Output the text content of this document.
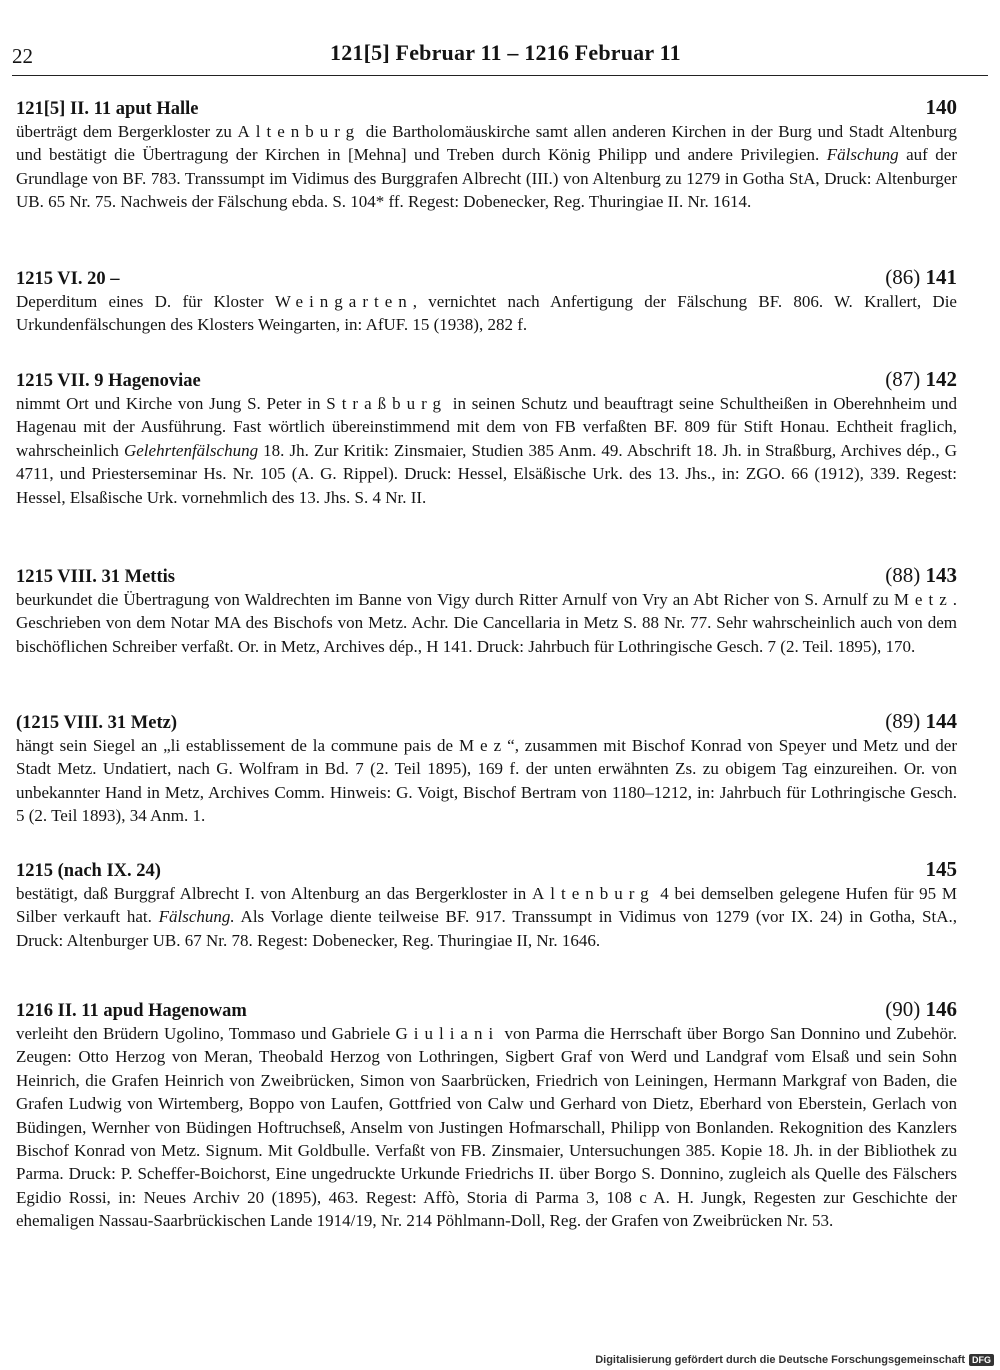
22	121[5] Februar 11 – 1216 Februar 11
121[5] II. 11 aput Halle	140

überträgt dem Bergerkloster zu Altenburg die Bartholomäuskirche samt allen anderen Kirchen in der Burg und Stadt Altenburg und bestätigt die Übertragung der Kirchen in [Mehna] und Treben durch König Philipp und andere Privilegien. Fälschung auf der Grundlage von BF. 783. Transsumpt im Vidimus des Burggrafen Albrecht (III.) von Altenburg zu 1279 in Gotha StA, Druck: Altenburger UB. 65 Nr. 75. Nachweis der Fälschung ebda. S. 104* ff. Regest: Dobenecker, Reg. Thuringiae II. Nr. 1614.

1215 VI. 20 –	(86) 141

Deperditum eines D. für Kloster Weingarten, vernichtet nach Anfertigung der Fälschung BF. 806. W. Krallert, Die Urkundenfälschungen des Klosters Weingarten, in: AfUF. 15 (1938), 282 f.

1215 VII. 9 Hagenoviae	(87) 142

nimmt Ort und Kirche von Jung S. Peter in Straßburg in seinen Schutz und beauftragt seine Schultheißen in Oberehnheim und Hagenau mit der Ausführung. Fast wörtlich übereinstimmend mit dem von FB verfaßten BF. 809 für Stift Honau. Echtheit fraglich, wahrscheinlich Gelehrtenfälschung 18. Jh. Zur Kritik: Zinsmaier, Studien 385 Anm. 49. Abschrift 18. Jh. in Straßburg, Archives dép., G 4711, und Priesterseminar Hs. Nr. 105 (A. G. Rippel). Druck: Hessel, Elsäßische Urk. des 13. Jhs., in: ZGO. 66 (1912), 339. Regest: Hessel, Elsaßische Urk. vornehmlich des 13. Jhs. S. 4 Nr. II.

1215 VIII. 31 Mettis	(88) 143

beurkundet die Übertragung von Waldrechten im Banne von Vigy durch Ritter Arnulf von Vry an Abt Richer von S. Arnulf zu Metz. Geschrieben von dem Notar MA des Bischofs von Metz. Achr. Die Cancellaria in Metz S. 88 Nr. 77. Sehr wahrscheinlich auch von dem bischöflichen Schreiber verfaßt. Or. in Metz, Archives dép., H 141. Druck: Jahrbuch für Lothringische Gesch. 7 (2. Teil. 1895), 170.

(1215 VIII. 31 Metz)	(89) 144

hängt sein Siegel an „li establissement de la commune pais de Mez“, zusammen mit Bischof Konrad von Speyer und Metz und der Stadt Metz. Undatiert, nach G. Wolfram in Bd. 7 (2. Teil 1895), 169 f. der unten erwähnten Zs. zu obigem Tag einzureihen. Or. von unbekannter Hand in Metz, Archives Comm. Hinweis: G. Voigt, Bischof Bertram von 1180–1212, in: Jahrbuch für Lothringische Gesch. 5 (2. Teil 1893), 34 Anm. 1.

1215 (nach IX. 24)	145

bestätigt, daß Burggraf Albrecht I. von Altenburg an das Bergerkloster in Altenburg 4 bei demselben gelegene Hufen für 95 M Silber verkauft hat. Fälschung. Als Vorlage diente teilweise BF. 917. Transsumpt in Vidimus von 1279 (vor IX. 24) in Gotha, StA., Druck: Altenburger UB. 67 Nr. 78. Regest: Dobenecker, Reg. Thuringiae II, Nr. 1646.

1216 II. 11 apud Hagenowam	(90) 146

verleiht den Brüdern Ugolino, Tommaso und Gabriele Giuliani von Parma die Herrschaft über Borgo San Donnino und Zubehör. Zeugen: Otto Herzog von Meran, Theobald Herzog von Lothringen, Sigbert Graf von Werd und Landgraf vom Elsaß und sein Sohn Heinrich, die Grafen Heinrich von Zweibrücken, Simon von Saarbrücken, Friedrich von Leiningen, Hermann Markgraf von Baden, die Grafen Ludwig von Wirtemberg, Boppo von Laufen, Gottfried von Calw und Gerhard von Dietz, Eberhard von Eberstein, Gerlach von Büdingen, Wernher von Büdingen Hoftruchseß, Anselm von Justingen Hofmarschall, Philipp von Bonlanden. Rekognition des Kanzlers Bischof Konrad von Metz. Signum. Mit Goldbulle. Verfaßt von FB. Zinsmaier, Untersuchungen 385. Kopie 18. Jh. in der Bibliothek zu Parma. Druck: P. Scheffer-Boichorst, Eine ungedruckte Urkunde Friedrichs II. über Borgo S. Donnino, zugleich als Quelle des Fälschers Egidio Rossi, in: Neues Archiv 20 (1895), 463. Regest: Affò, Storia di Parma 3, 108 c A. H. Jungk, Regesten zur Geschichte der ehemaligen Nassau-Saarbrückischen Lande 1914/19, Nr. 214 Pöhlmann-Doll, Reg. der Grafen von Zweibrücken Nr. 53.

Digitalisierung gefördert durch die Deutsche Forschungsgemeinschaft DFG
